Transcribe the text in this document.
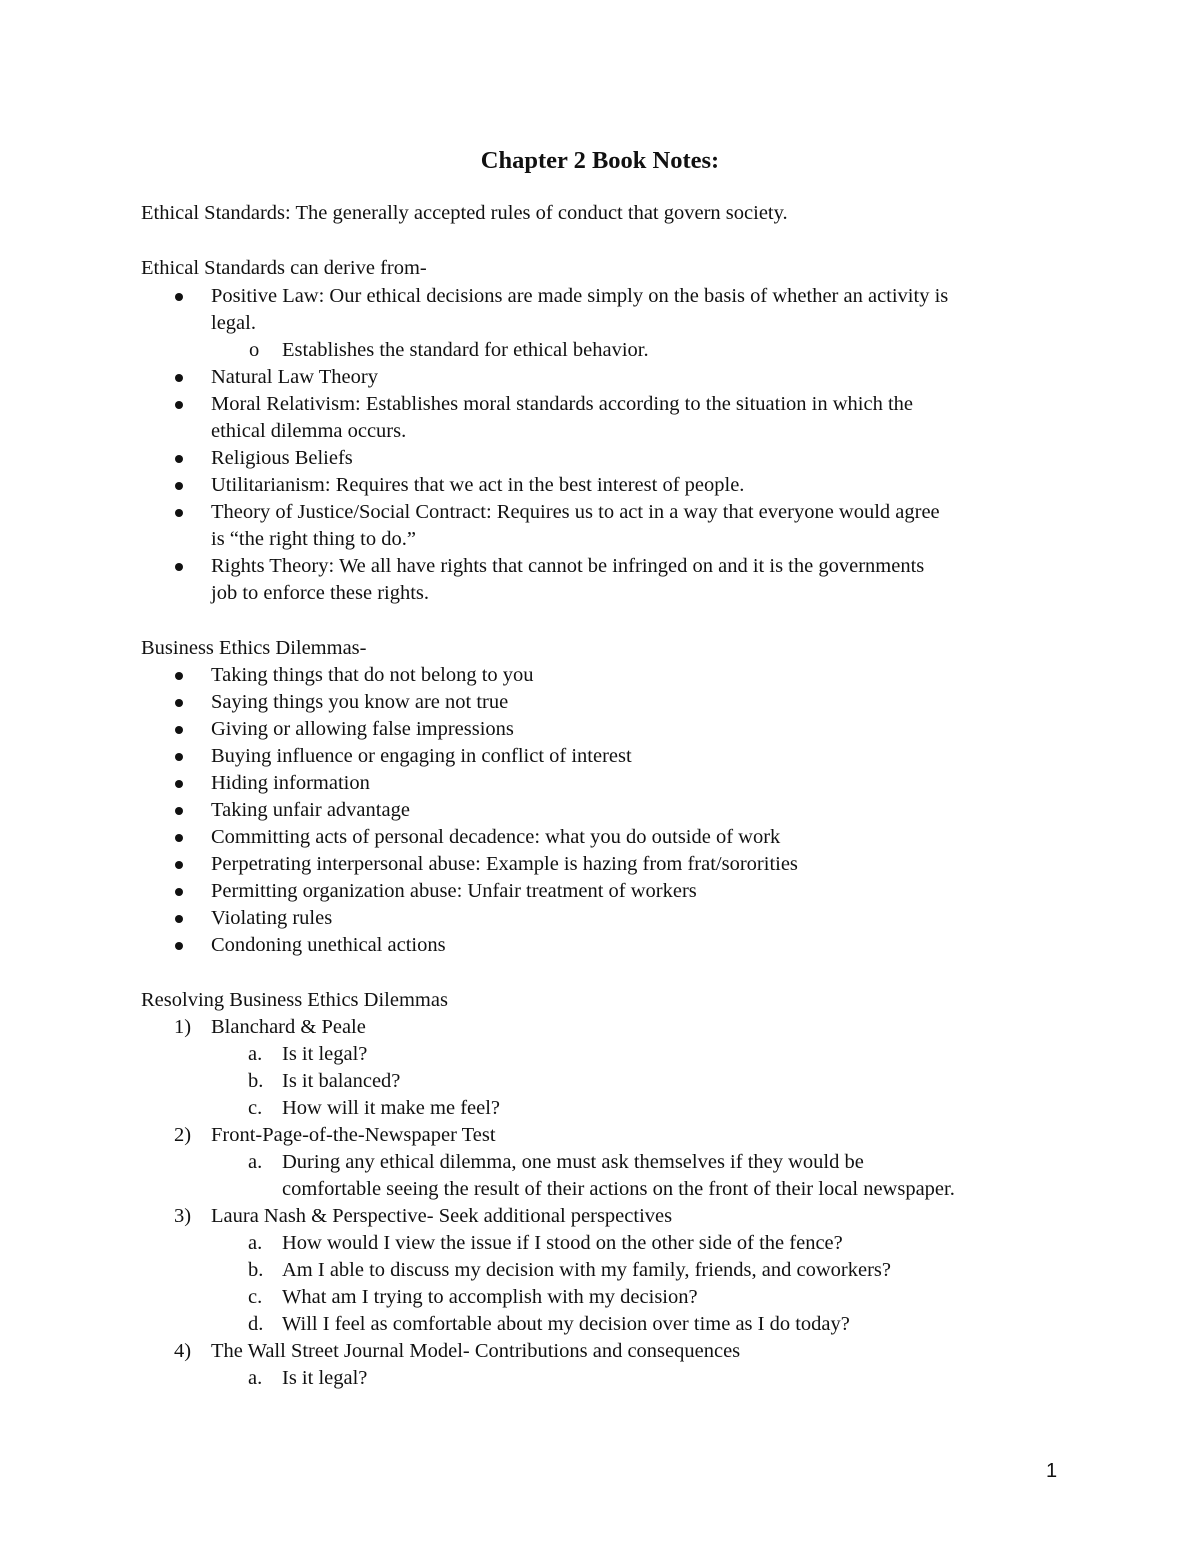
Chapter 2 Book Notes:

Ethical Standards: The generally accepted rules of conduct that govern society.

Ethical Standards can derive from-

Positive Law: Our ethical decisions are made simply on the basis of whether an activity is
legal.
o Establishes the standard for ethical behavior.
Natural Law Theory
Moral Relativism: Establishes moral standards according to the situation in which the
ethical dilemma occurs.
Religious Beliefs
Utilitarianism: Requires that we act in the best interest of people.
Theory of Justice/Social Contract: Requires us to act in a way that everyone would agree
is “the right thing to do.”
Rights Theory: We all have rights that cannot be infringed on and it is the governments
job to enforce these rights.

Business Ethics Dilemmas-

Taking things that do not belong to you
Saying things you know are not true
Giving or allowing false impressions
Buying influence or engaging in conflict of interest
Hiding information
Taking unfair advantage
Committing acts of personal decadence: what you do outside of work
Perpetrating interpersonal abuse: Example is hazing from frat/sororities
Permitting organization abuse: Unfair treatment of workers
Violating rules
Condoning unethical actions

Resolving Business Ethics Dilemmas

1) Blanchard & Peale
a. Is it legal?
b. Is it balanced?
c. How will it make me feel?
2) Front-Page-of-the-Newspaper Test
a. During any ethical dilemma, one must ask themselves if they would be
comfortable seeing the result of their actions on the front of their local newspaper.
3) Laura Nash & Perspective- Seek additional perspectives
a. How would I view the issue if I stood on the other side of the fence?
b. Am I able to discuss my decision with my family, friends, and coworkers?
c. What am I trying to accomplish with my decision?
d. Will I feel as comfortable about my decision over time as I do today?
4) The Wall Street Journal Model- Contributions and consequences
a. Is it legal?
1
